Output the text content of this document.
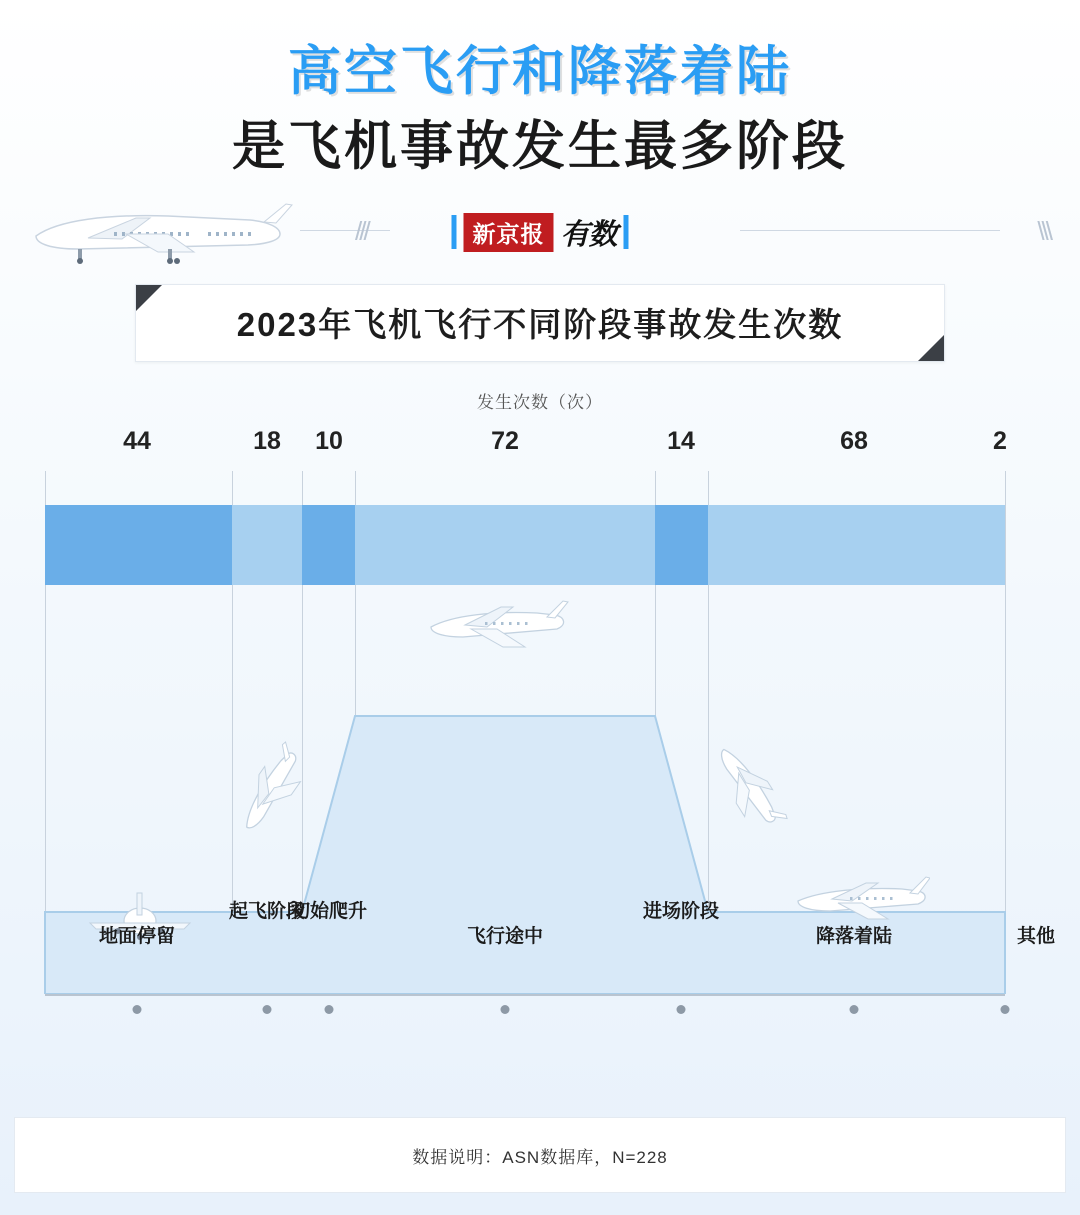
高空飞行和降落着陆
是飞机事故发生最多阶段
///	新京报 有数	\\\
2023年飞机飞行不同阶段事故发生次数
发生次数（次）
44	18 10	72	14	68	2
地面停留
起飞阶段
初始爬升
飞行途中
进场阶段
降落着陆	其他
数据说明：ASN数据库，N=228
